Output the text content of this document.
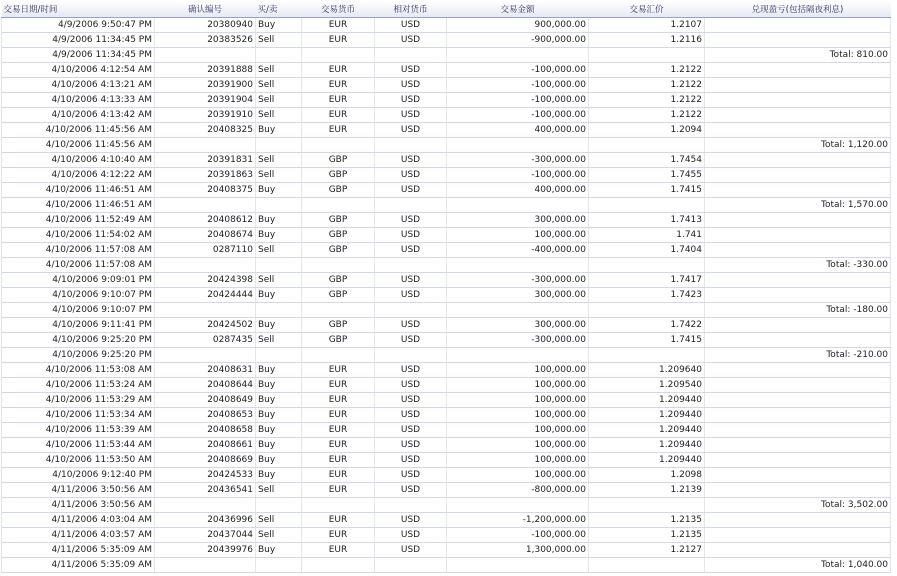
交易日期/时间	确认编号	买/卖	交易货币	相对货币	交易金额	交易汇价	兑现盈亏(包括隔夜利息)
4/9/2006 9:50:47 PM	20380940	Buy	EUR	USD	900,000.00	1.2107	
4/9/2006 11:34:45 PM	20383526	Sell	EUR	USD	-900,000.00	1.2116	
4/9/2006 11:34:45 PM							Total: 810.00
4/10/2006 4:12:54 AM	20391888	Sell	EUR	USD	-100,000.00	1.2122	
4/10/2006 4:13:21 AM	20391900	Sell	EUR	USD	-100,000.00	1.2122	
4/10/2006 4:13:33 AM	20391904	Sell	EUR	USD	-100,000.00	1.2122	
4/10/2006 4:13:42 AM	20391910	Sell	EUR	USD	-100,000.00	1.2122	
4/10/2006 11:45:56 AM	20408325	Buy	EUR	USD	400,000.00	1.2094	
4/10/2006 11:45:56 AM							Total: 1,120.00
4/10/2006 4:10:40 AM	20391831	Sell	GBP	USD	-300,000.00	1.7454	
4/10/2006 4:12:22 AM	20391863	Sell	GBP	USD	-100,000.00	1.7455	
4/10/2006 11:46:51 AM	20408375	Buy	GBP	USD	400,000.00	1.7415	
4/10/2006 11:46:51 AM							Total: 1,570.00
4/10/2006 11:52:49 AM	20408612	Buy	GBP	USD	300,000.00	1.7413	
4/10/2006 11:54:02 AM	20408674	Buy	GBP	USD	100,000.00	1.741	
4/10/2006 11:57:08 AM	0287110	Sell	GBP	USD	-400,000.00	1.7404	
4/10/2006 11:57:08 AM							Total: -330.00
4/10/2006 9:09:01 PM	20424398	Sell	GBP	USD	-300,000.00	1.7417	
4/10/2006 9:10:07 PM	20424444	Buy	GBP	USD	300,000.00	1.7423	
4/10/2006 9:10:07 PM							Total: -180.00
4/10/2006 9:11:41 PM	20424502	Buy	GBP	USD	300,000.00	1.7422	
4/10/2006 9:25:20 PM	0287435	Sell	GBP	USD	-300,000.00	1.7415	
4/10/2006 9:25:20 PM							Total: -210.00
4/10/2006 11:53:08 AM	20408631	Buy	EUR	USD	100,000.00	1.209640	
4/10/2006 11:53:24 AM	20408644	Buy	EUR	USD	100,000.00	1.209540	
4/10/2006 11:53:29 AM	20408649	Buy	EUR	USD	100,000.00	1.209440	
4/10/2006 11:53:34 AM	20408653	Buy	EUR	USD	100,000.00	1.209440	
4/10/2006 11:53:39 AM	20408658	Buy	EUR	USD	100,000.00	1.209440	
4/10/2006 11:53:44 AM	20408661	Buy	EUR	USD	100,000.00	1.209440	
4/10/2006 11:53:50 AM	20408669	Buy	EUR	USD	100,000.00	1.209440	
4/10/2006 9:12:40 PM	20424533	Buy	EUR	USD	100,000.00	1.2098	
4/11/2006 3:50:56 AM	20436541	Sell	EUR	USD	-800,000.00	1.2139	
4/11/2006 3:50:56 AM							Total: 3,502.00
4/11/2006 4:03:04 AM	20436996	Sell	EUR	USD	-1,200,000.00	1.2135	
4/11/2006 4:03:57 AM	20437044	Sell	EUR	USD	-100,000.00	1.2135	
4/11/2006 5:35:09 AM	20439976	Buy	EUR	USD	1,300,000.00	1.2127	
4/11/2006 5:35:09 AM							Total: 1,040.00
